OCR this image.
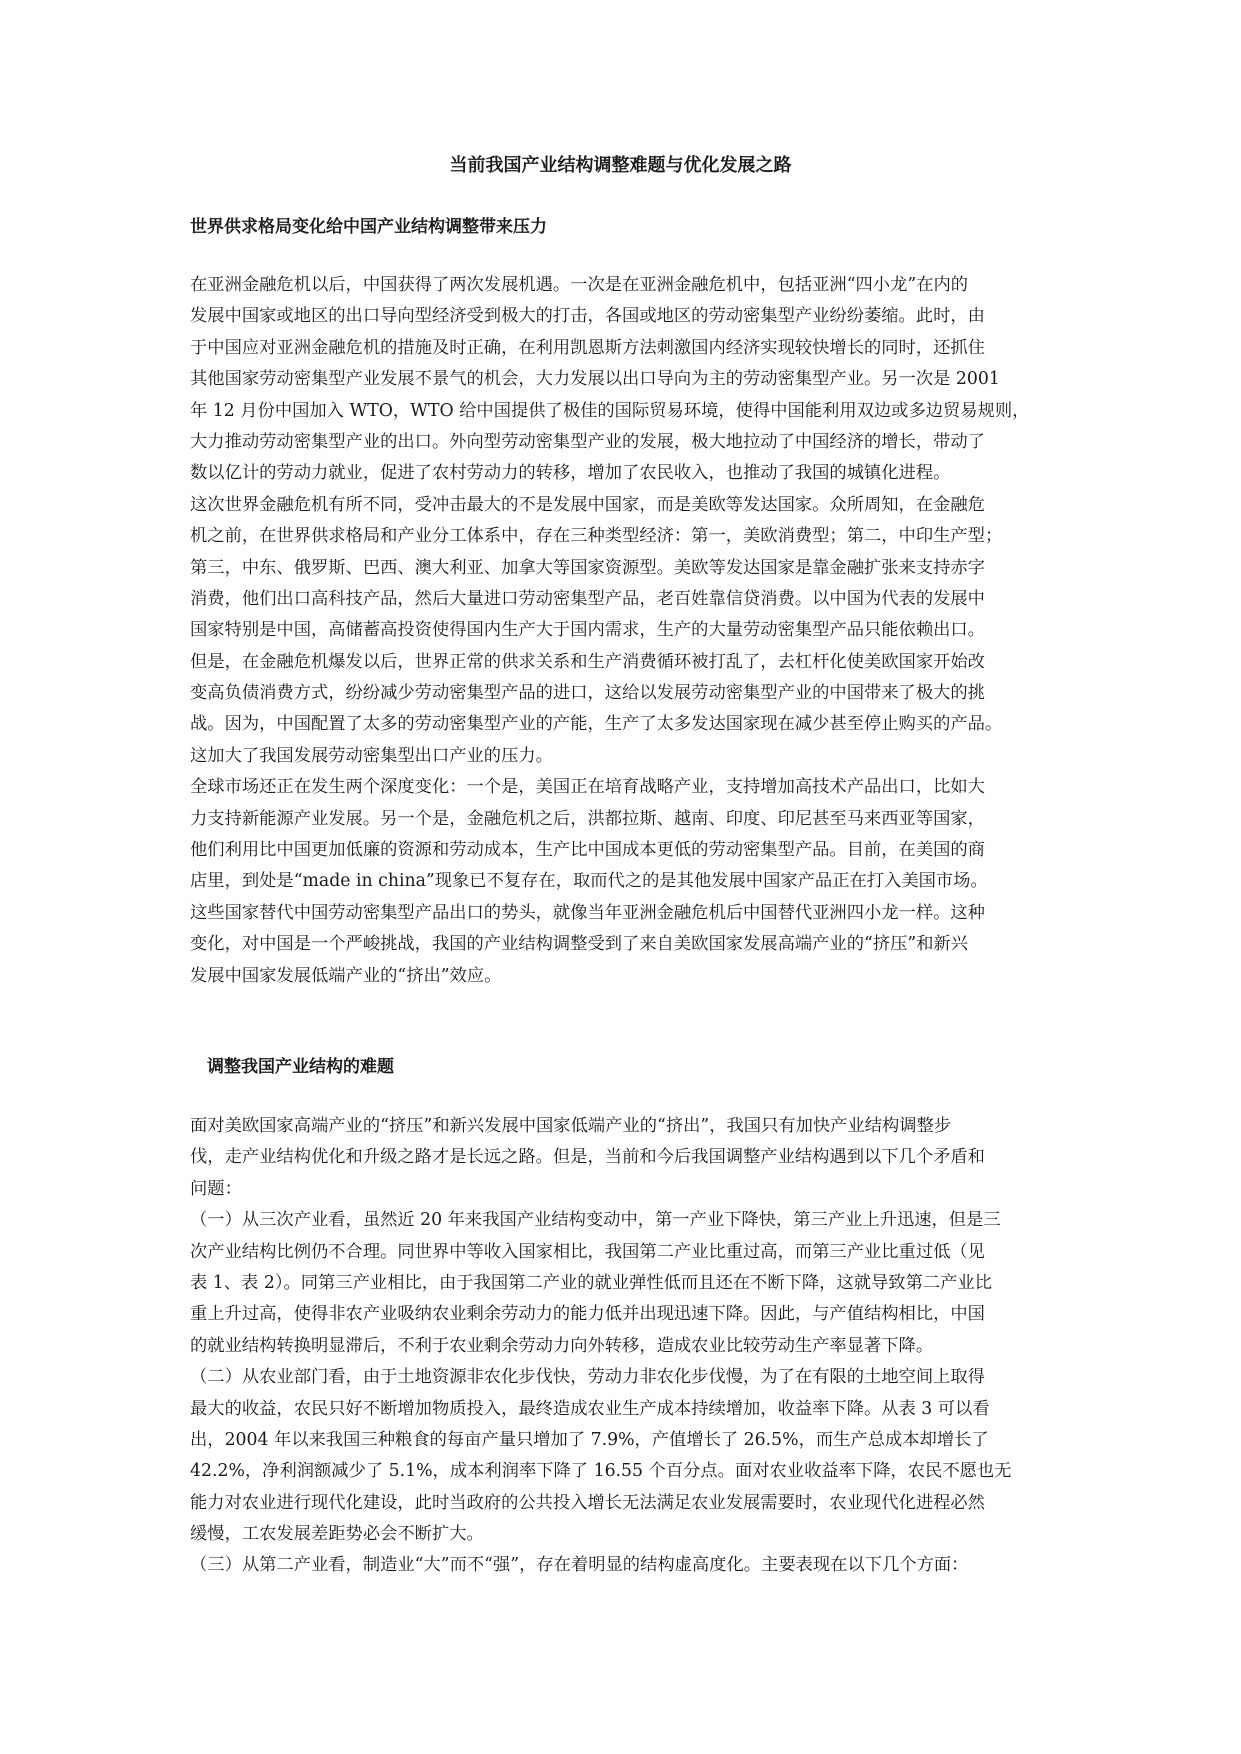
当前我国产业结构调整难题与优化发展之路
世界供求格局变化给中国产业结构调整带来压力
在亚洲金融危机以后，中国获得了两次发展机遇。一次是在亚洲金融危机中，包括亚洲“四小龙”在内的
发展中国家或地区的出口导向型经济受到极大的打击，各国或地区的劳动密集型产业纷纷萎缩。此时，由
于中国应对亚洲金融危机的措施及时正确，在利用凯恩斯方法刺激国内经济实现较快增长的同时，还抓住
其他国家劳动密集型产业发展不景气的机会，大力发展以出口导向为主的劳动密集型产业。另一次是 2001
年 12 月份中国加入 WTO，WTO 给中国提供了极佳的国际贸易环境，使得中国能利用双边或多边贸易规则，
大力推动劳动密集型产业的出口。外向型劳动密集型产业的发展，极大地拉动了中国经济的增长，带动了
数以亿计的劳动力就业，促进了农村劳动力的转移，增加了农民收入，也推动了我国的城镇化进程。
这次世界金融危机有所不同，受冲击最大的不是发展中国家，而是美欧等发达国家。众所周知，在金融危
机之前，在世界供求格局和产业分工体系中，存在三种类型经济：第一，美欧消费型；第二，中印生产型；
第三，中东、俄罗斯、巴西、澳大利亚、加拿大等国家资源型。美欧等发达国家是靠金融扩张来支持赤字
消费，他们出口高科技产品，然后大量进口劳动密集型产品，老百姓靠信贷消费。以中国为代表的发展中
国家特别是中国，高储蓄高投资使得国内生产大于国内需求，生产的大量劳动密集型产品只能依赖出口。
但是，在金融危机爆发以后，世界正常的供求关系和生产消费循环被打乱了，去杠杆化使美欧国家开始改
变高负债消费方式，纷纷减少劳动密集型产品的进口，这给以发展劳动密集型产业的中国带来了极大的挑
战。因为，中国配置了太多的劳动密集型产业的产能，生产了太多发达国家现在减少甚至停止购买的产品。
这加大了我国发展劳动密集型出口产业的压力。
全球市场还正在发生两个深度变化：一个是，美国正在培育战略产业，支持增加高技术产品出口，比如大
力支持新能源产业发展。另一个是，金融危机之后，洪都拉斯、越南、印度、印尼甚至马来西亚等国家，
他们利用比中国更加低廉的资源和劳动成本，生产比中国成本更低的劳动密集型产品。目前，在美国的商
店里，到处是“made in china”现象已不复存在，取而代之的是其他发展中国家产品正在打入美国市场。
这些国家替代中国劳动密集型产品出口的势头，就像当年亚洲金融危机后中国替代亚洲四小龙一样。这种
变化，对中国是一个严峻挑战，我国的产业结构调整受到了来自美欧国家发展高端产业的“挤压”和新兴
发展中国家发展低端产业的“挤出”效应。
调整我国产业结构的难题
面对美欧国家高端产业的“挤压”和新兴发展中国家低端产业的“挤出”，我国只有加快产业结构调整步
伐，走产业结构优化和升级之路才是长远之路。但是，当前和今后我国调整产业结构遇到以下几个矛盾和
问题：
（一）从三次产业看，虽然近 20 年来我国产业结构变动中，第一产业下降快，第三产业上升迅速，但是三
次产业结构比例仍不合理。同世界中等收入国家相比，我国第二产业比重过高，而第三产业比重过低（见
表 1、表 2）。同第三产业相比，由于我国第二产业的就业弹性低而且还在不断下降，这就导致第二产业比
重上升过高，使得非农产业吸纳农业剩余劳动力的能力低并出现迅速下降。因此，与产值结构相比，中国
的就业结构转换明显滞后，不利于农业剩余劳动力向外转移，造成农业比较劳动生产率显著下降。
（二）从农业部门看，由于土地资源非农化步伐快，劳动力非农化步伐慢，为了在有限的土地空间上取得
最大的收益，农民只好不断增加物质投入，最终造成农业生产成本持续增加，收益率下降。从表 3 可以看
出，2004 年以来我国三种粮食的每亩产量只增加了 7.9%，产值增长了 26.5%，而生产总成本却增长了
42.2%，净利润额减少了 5.1%，成本利润率下降了 16.55 个百分点。面对农业收益率下降，农民不愿也无
能力对农业进行现代化建设，此时当政府的公共投入增长无法满足农业发展需要时，农业现代化进程必然
缓慢，工农发展差距势必会不断扩大。
（三）从第二产业看，制造业“大”而不“强”，存在着明显的结构虚高度化。主要表现在以下几个方面：
